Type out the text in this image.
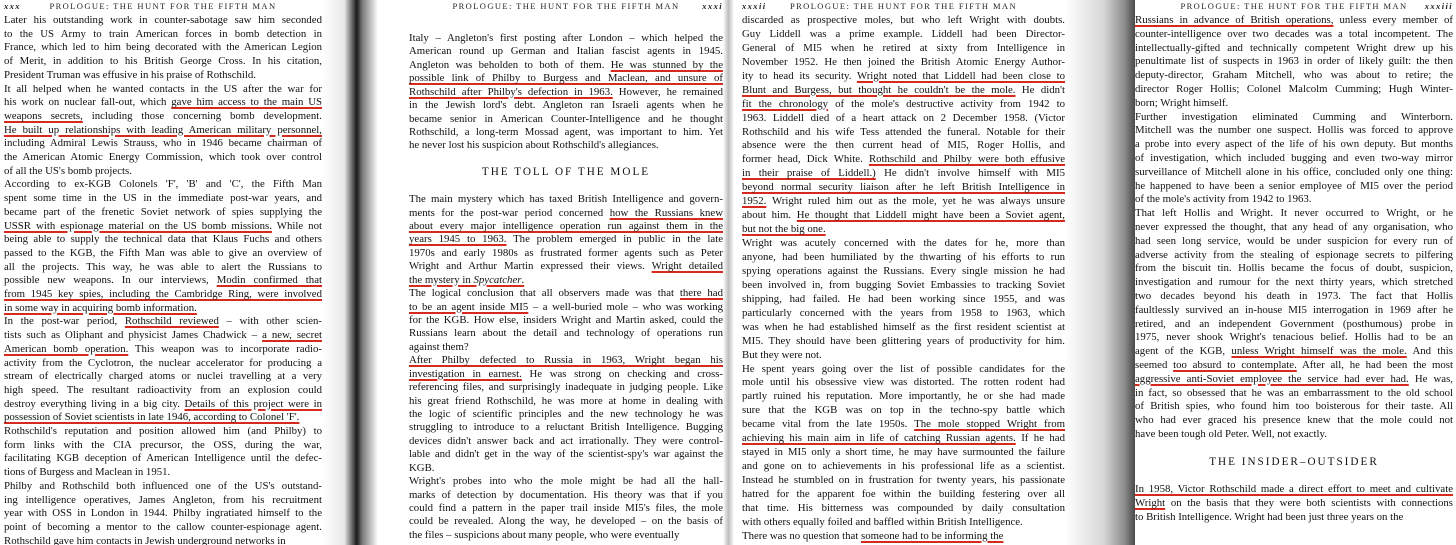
PROLOGUE: THE HUNT FOR THE FIFTH MAN
xxx
Later his outstanding work in counter-sabotage saw him seconded
to the US Army to train American forces in bomb detection in
France, which led to him being decorated with the American Legion
of Merit, in addition to his British George Cross. In his citation,
President Truman was effusive in his praise of Rothschild.
It all helped when he wanted contacts in the US after the war for
his work on nuclear fall-out, which gave him access to the main US
weapons secrets, including those concerning bomb development.
He built up relationships with leading American military personnel,
including Admiral Lewis Strauss, who in 1946 became chairman of
the American Atomic Energy Commission, which took over control
of all the US's bomb projects.
According to ex-KGB Colonels 'F', 'B' and 'C', the Fifth Man
spent some time in the US in the immediate post-war years, and
became part of the frenetic Soviet network of spies supplying the
USSR with espionage material on the US bomb missions. While not
being able to supply the technical data that Klaus Fuchs and others
passed to the KGB, the Fifth Man was able to give an overview of
all the projects. This way, he was able to alert the Russians to
possible new weapons. In our interviews, Modin confirmed that
from 1945 key spies, including the Cambridge Ring, were involved
in some way in acquiring bomb information.
In the post-war period, Rothschild reviewed – with other scien-
tists such as Oliphant and physicist James Chadwick – a new, secret
American bomb operation. This weapon was to incorporate radio-
activity from the Cyclotron, the nuclear accelerator for producing a
stream of electrically charged atoms or nuclei travelling at a very
high speed. The resultant radioactivity from an explosion could
destroy everything living in a big city. Details of this project were in
possession of Soviet scientists in late 1946, according to Colonel 'F'.
Rothschild's reputation and position allowed him (and Philby) to
form links with the CIA precursor, the OSS, during the war,
facilitating KGB deception of American Intelligence until the defec-
tions of Burgess and Maclean in 1951.
Philby and Rothschild both influenced one of the US's outstand-
ing intelligence operatives, James Angleton, from his recruitment
year with OSS in London in 1944. Philby ingratiated himself to the
point of becoming a mentor to the callow counter-espionage agent.
Rothschild gave him contacts in Jewish underground networks in
PROLOGUE: THE HUNT FOR THE FIFTH MAN	xxxi
Italy – Angleton's first posting after London – which helped the
American round up German and Italian fascist agents in 1945.
Angleton was beholden to both of them. He was stunned by the
possible link of Philby to Burgess and Maclean, and unsure of
Rothschild after Philby's defection in 1963. However, he remained
in the Jewish lord's debt. Angleton ran Israeli agents when he
became senior in American Counter-Intelligence and he thought
Rothschild, a long-term Mossad agent, was important to him. Yet
he never lost his suspicion about Rothschild's allegiances.
THE TOLL OF THE MOLE
The main mystery which has taxed British Intelligence and govern-
ments for the post-war period concerned how the Russians knew
about every major intelligence operation run against them in the
years 1945 to 1963. The problem emerged in public in the late
1970s and early 1980s as frustrated former agents such as Peter
Wright and Arthur Martin expressed their views. Wright detailed
the mystery in Spycatcher.
The logical conclusion that all observers made was that there had
to be an agent inside MI5 – a well-buried mole – who was working
for the KGB. How else, insiders Wright and Martin asked, could the
Russians learn about the detail and technology of operations run
against them?
After Philby defected to Russia in 1963, Wright began his
investigation in earnest. He was strong on checking and cross-
referencing files, and surprisingly inadequate in judging people. Like
his great friend Rothschild, he was more at home in dealing with
the logic of scientific principles and the new technology he was
struggling to introduce to a reluctant British Intelligence. Bugging
devices didn't answer back and act irrationally. They were control-
lable and didn't get in the way of the scientist-spy's war against the
KGB.
Wright's probes into who the mole might be had all the hall-
marks of detection by documentation. His theory was that if you
could find a pattern in the paper trail inside MI5's files, the mole
could be revealed. Along the way, he developed – on the basis of
the files – suspicions about many people, who were eventually
PROLOGUE: THE HUNT FOR THE FIFTH MAN
xxxii
discarded as prospective moles, but who left Wright with doubts.
Guy Liddell was a prime example. Liddell had been Director-
General of MI5 when he retired at sixty from Intelligence in
November 1952. He then joined the British Atomic Energy Author-
ity to head its security. Wright noted that Liddell had been close to
Blunt and Burgess, but thought he couldn't be the mole. He didn't
fit the chronology of the mole's destructive activity from 1942 to
1963. Liddell died of a heart attack on 2 December 1958. (Victor
Rothschild and his wife Tess attended the funeral. Notable for their
absence were the then current head of MI5, Roger Hollis, and
former head, Dick White. Rothschild and Philby were both effusive
in their praise of Liddell.) He didn't involve himself with MI5
beyond normal security liaison after he left British Intelligence in
1952. Wright ruled him out as the mole, yet he was always unsure
about him. He thought that Liddell might have been a Soviet agent,
but not the big one.
Wright was acutely concerned with the dates for he, more than
anyone, had been humiliated by the thwarting of his efforts to run
spying operations against the Russians. Every single mission he had
been involved in, from bugging Soviet Embassies to tracking Soviet
shipping, had failed. He had been working since 1955, and was
particularly concerned with the years from 1958 to 1963, which
was when he had established himself as the first resident scientist at
MI5. They should have been glittering years of productivity for him.
But they were not.
He spent years going over the list of possible candidates for the
mole until his obsessive view was distorted. The rotten rodent had
partly ruined his reputation. More importantly, he or she had made
sure that the KGB was on top in the techno-spy battle which
became vital from the late 1950s. The mole stopped Wright from
achieving his main aim in life of catching Russian agents. If he had
stayed in MI5 only a short time, he may have surmounted the failure
and gone on to achievements in his professional life as a scientist.
Instead he stumbled on in frustration for twenty years, his passionate
hatred for the apparent foe within the building festering over all
that time. His bitterness was compounded by daily consultation
with others equally foiled and baffled within British Intelligence.
There was no question that someone had to be informing the
PROLOGUE: THE HUNT FOR THE FIFTH MAN	xxxiii
Russians in advance of British operations, unless every member of
counter-intelligence over two decades was a total incompetent. The
intellectually-gifted and technically competent Wright drew up his
penultimate list of suspects in 1963 in order of likely guilt: the then
deputy-director, Graham Mitchell, who was about to retire; the
director Roger Hollis; Colonel Malcolm Cumming; Hugh Winter-
born; Wright himself.
Further investigation eliminated Cumming and Winterborn.
Mitchell was the number one suspect. Hollis was forced to approve
a probe into every aspect of the life of his own deputy. But months
of investigation, which included bugging and even two-way mirror
surveillance of Mitchell alone in his office, concluded only one thing:
he happened to have been a senior employee of MI5 over the period
of the mole's activity from 1942 to 1963.
That left Hollis and Wright. It never occurred to Wright, or he
never expressed the thought, that any head of any organisation, who
had seen long service, would be under suspicion for every run of
adverse activity from the stealing of espionage secrets to pilfering
from the biscuit tin. Hollis became the focus of doubt, suspicion,
investigation and rumour for the next thirty years, which stretched
two decades beyond his death in 1973. The fact that Hollis
faultlessly survived an in-house MI5 interrogation in 1969 after he
retired, and an independent Government (posthumous) probe in
1975, never shook Wright's tenacious belief. Hollis had to be an
agent of the KGB, unless Wright himself was the mole. And this
seemed too absurd to contemplate. After all, he had been the most
aggressive anti-Soviet employee the service had ever had. He was,
in fact, so obsessed that he was an embarrassment to the old school
of British spies, who found him too boisterous for their taste. All
who had ever graced his presence knew that the mole could not
have been tough old Peter. Well, not exactly.
THE INSIDER–OUTSIDER
In 1958, Victor Rothschild made a direct effort to meet and cultivate
Wright on the basis that they were both scientists with connections
to British Intelligence. Wright had been just three years on the
